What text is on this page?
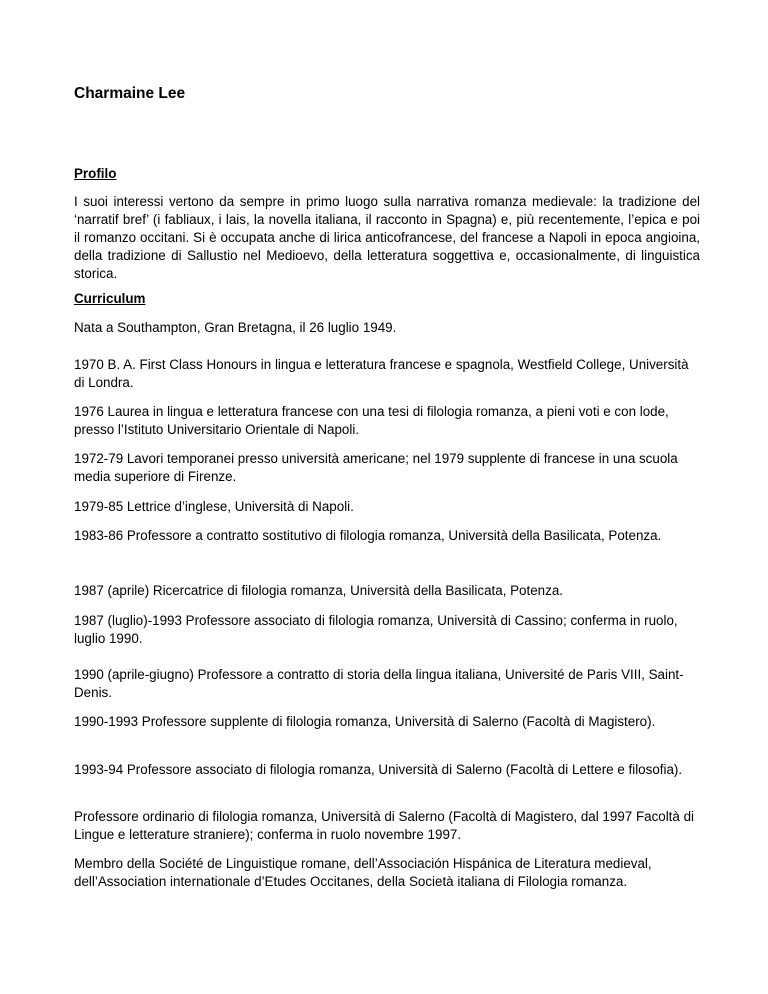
Charmaine Lee
Profilo

I suoi interessi vertono da sempre in primo luogo sulla narrativa romanza medievale: la tradizione del ‘narratif bref’ (i fabliaux, i lais, la novella italiana, il racconto in Spagna) e, più recentemente, l’epica e poi il romanzo occitani. Si è occupata anche di lirica anticofrancese, del francese a Napoli in epoca angioina, della tradizione di Sallustio nel Medioevo, della letteratura soggettiva e, occasionalmente, di linguistica storica.

Curriculum

Nata a Southampton, Gran Bretagna, il 26 luglio 1949.

1970 B. A. First Class Honours in lingua e letteratura francese e spagnola, Westfield College, Università di Londra.

1976 Laurea in lingua e letteratura francese con una tesi di filologia romanza, a pieni voti e con lode, presso l’Istituto Universitario Orientale di Napoli.

1972-79 Lavori temporanei presso università americane; nel 1979 supplente di francese in una scuola media superiore di Firenze.

1979-85 Lettrice d’inglese, Università di Napoli.

1983-86 Professore a contratto sostitutivo di filologia romanza, Università della Basilicata, Potenza.

1987 (aprile) Ricercatrice di filologia romanza, Università della Basilicata, Potenza.

1987 (luglio)-1993 Professore associato di filologia romanza, Università di Cassino; conferma in ruolo, luglio 1990.

1990 (aprile-giugno) Professore a contratto di storia della lingua italiana, Université de Paris VIII, Saint-Denis.

1990-1993 Professore supplente di filologia romanza, Università di Salerno (Facoltà di Magistero).

1993-94 Professore associato di filologia romanza, Università di Salerno (Facoltà di Lettere e filosofia).

Professore ordinario di filologia romanza, Università di Salerno (Facoltà di Magistero, dal 1997 Facoltà di Lingue e letterature straniere); conferma in ruolo novembre 1997.

Membro della Société de Linguistique romane, dell’Associación Hispánica de Literatura medieval, dell’Association internationale d’Etudes Occitanes, della Società italiana di Filologia romanza.
